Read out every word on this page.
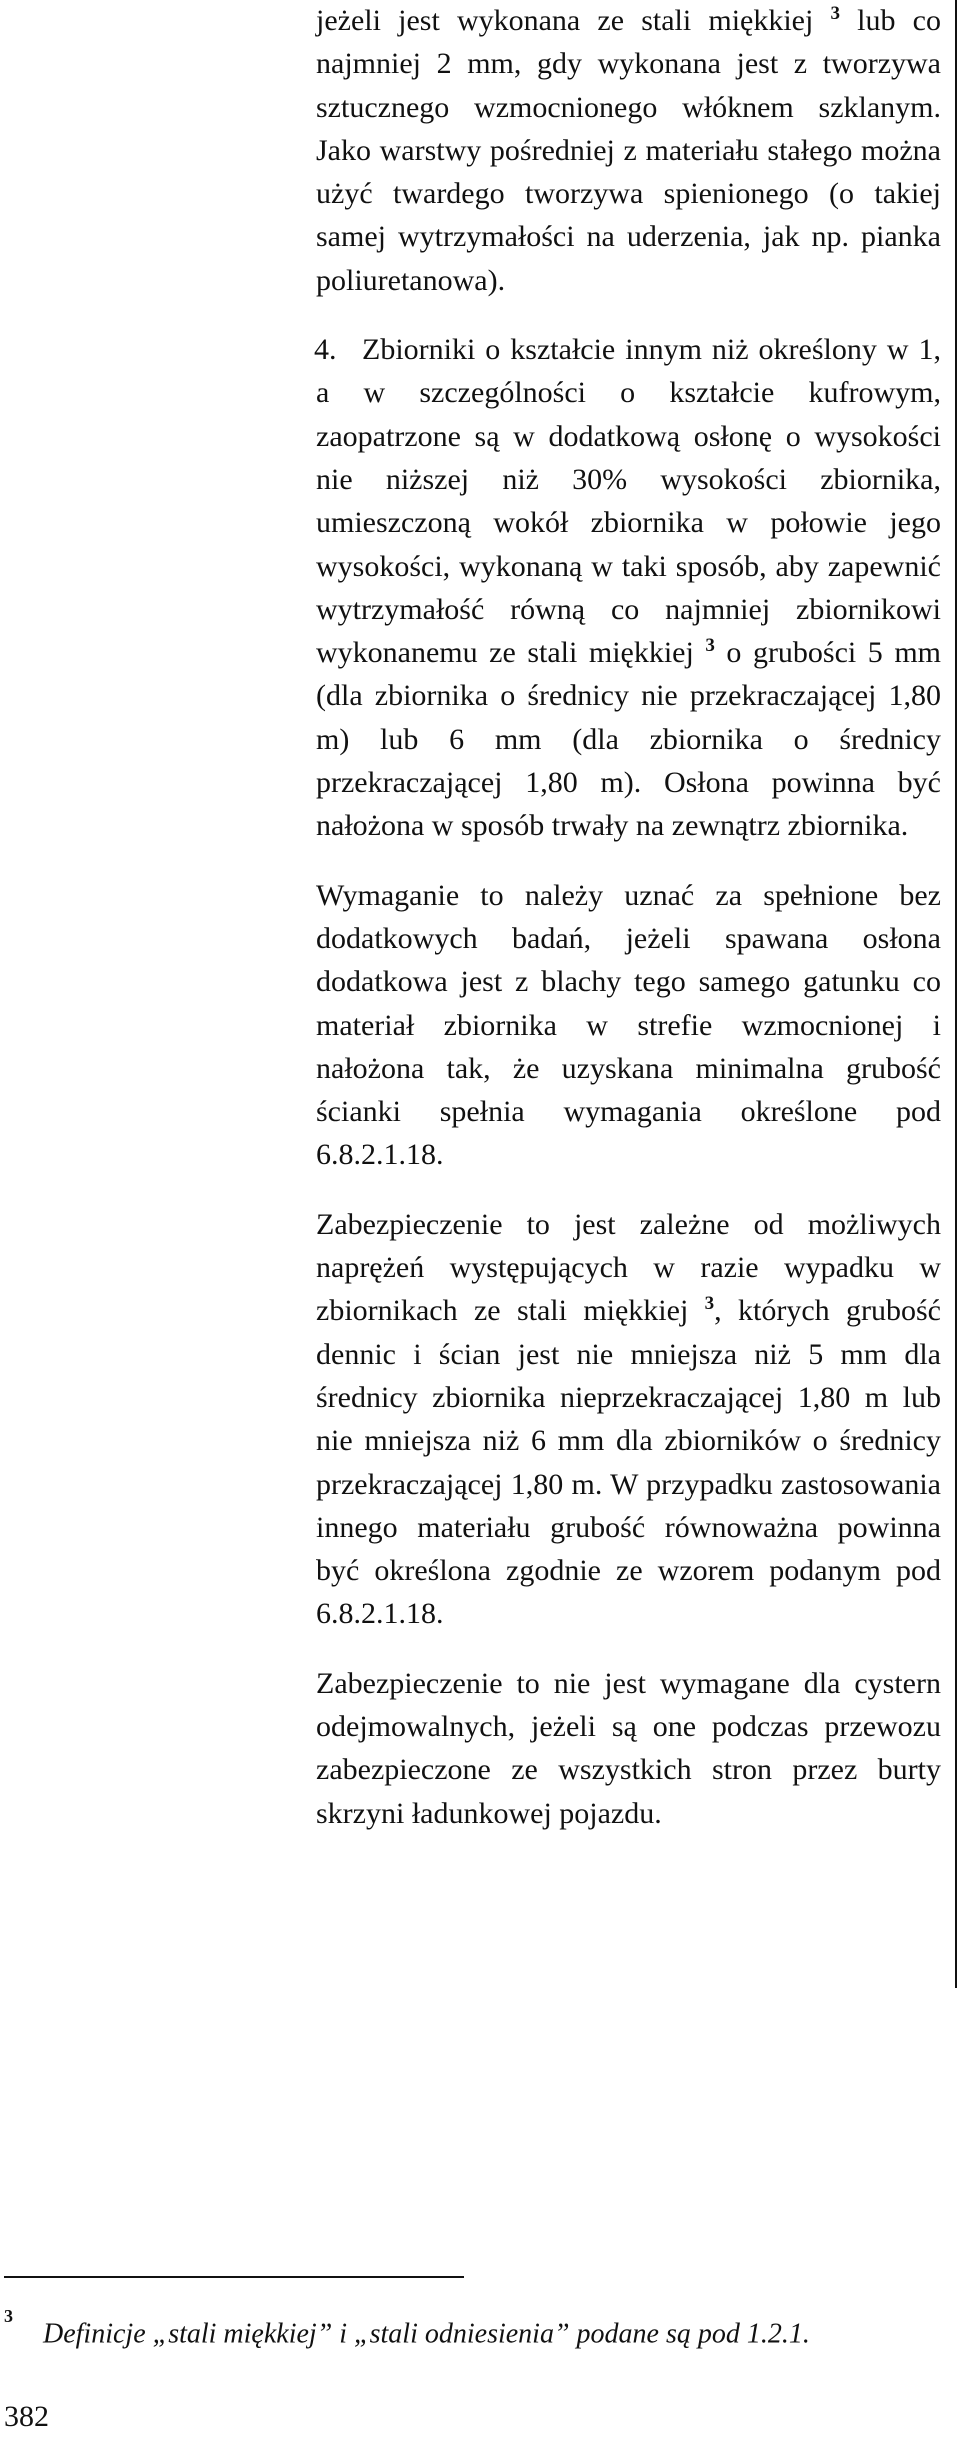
jeżeli jest wykonana ze stali miękkiej $^3$ lub co najmniej 2 mm, gdy wykonana jest z tworzywa sztucznego wzmocnionego włóknem szklanym. Jako warstwy pośredniej z materiału stałego można użyć twardego tworzywa spienionego (o takiej samej wytrzymałości na uderzenia, jak np. pianka poliuretanowa).

4. Zbiorniki o kształcie innym niż określony w 1, a w szczególności o kształcie kufrowym, zaopatrzone są w dodatkową osłonę o wysokości nie niższej niż 30% wysokości zbiornika, umieszczoną wokół zbiornika w połowie jego wysokości, wykonaną w taki sposób, aby zapewnić wytrzymałość równą co najmniej zbiornikowi wykonanemu ze stali miękkiej $^3$ o grubości 5 mm (dla zbiornika o średnicy nie przekraczającej 1,80 m) lub 6 mm (dla zbiornika o średnicy przekraczającej 1,80 m). Osłona powinna być nałożona w sposób trwały na zewnątrz zbiornika.

Wymaganie to należy uznać za spełnione bez dodatkowych badań, jeżeli spawana osłona dodatkowa jest z blachy tego samego gatunku co materiał zbiornika w strefie wzmocnionej i nałożona tak, że uzyskana minimalna grubość ścianki spełnia wymagania określone pod 6.8.2.1.18.

Zabezpieczenie to jest zależne od możliwych naprężeń występujących w razie wypadku w zbiornikach ze stali miękkiej $^3$, których grubość dennic i ścian jest nie mniejsza niż 5 mm dla średnicy zbiornika nieprzekraczającej 1,80 m lub nie mniejsza niż 6 mm dla zbiorników o średnicy przekraczającej 1,80 m. W przypadku zastosowania innego materiału grubość równoważna powinna być określona zgodnie ze wzorem podanym pod 6.8.2.1.18.

Zabezpieczenie to nie jest wymagane dla cystern odejmowalnych, jeżeli są one podczas przewozu zabezpieczone ze wszystkich stron przez burty skrzyni ładunkowej pojazdu.

$^3$Definicje „stali miękkiej” i „stali odniesienia” podane są pod 1.2.1.
382
